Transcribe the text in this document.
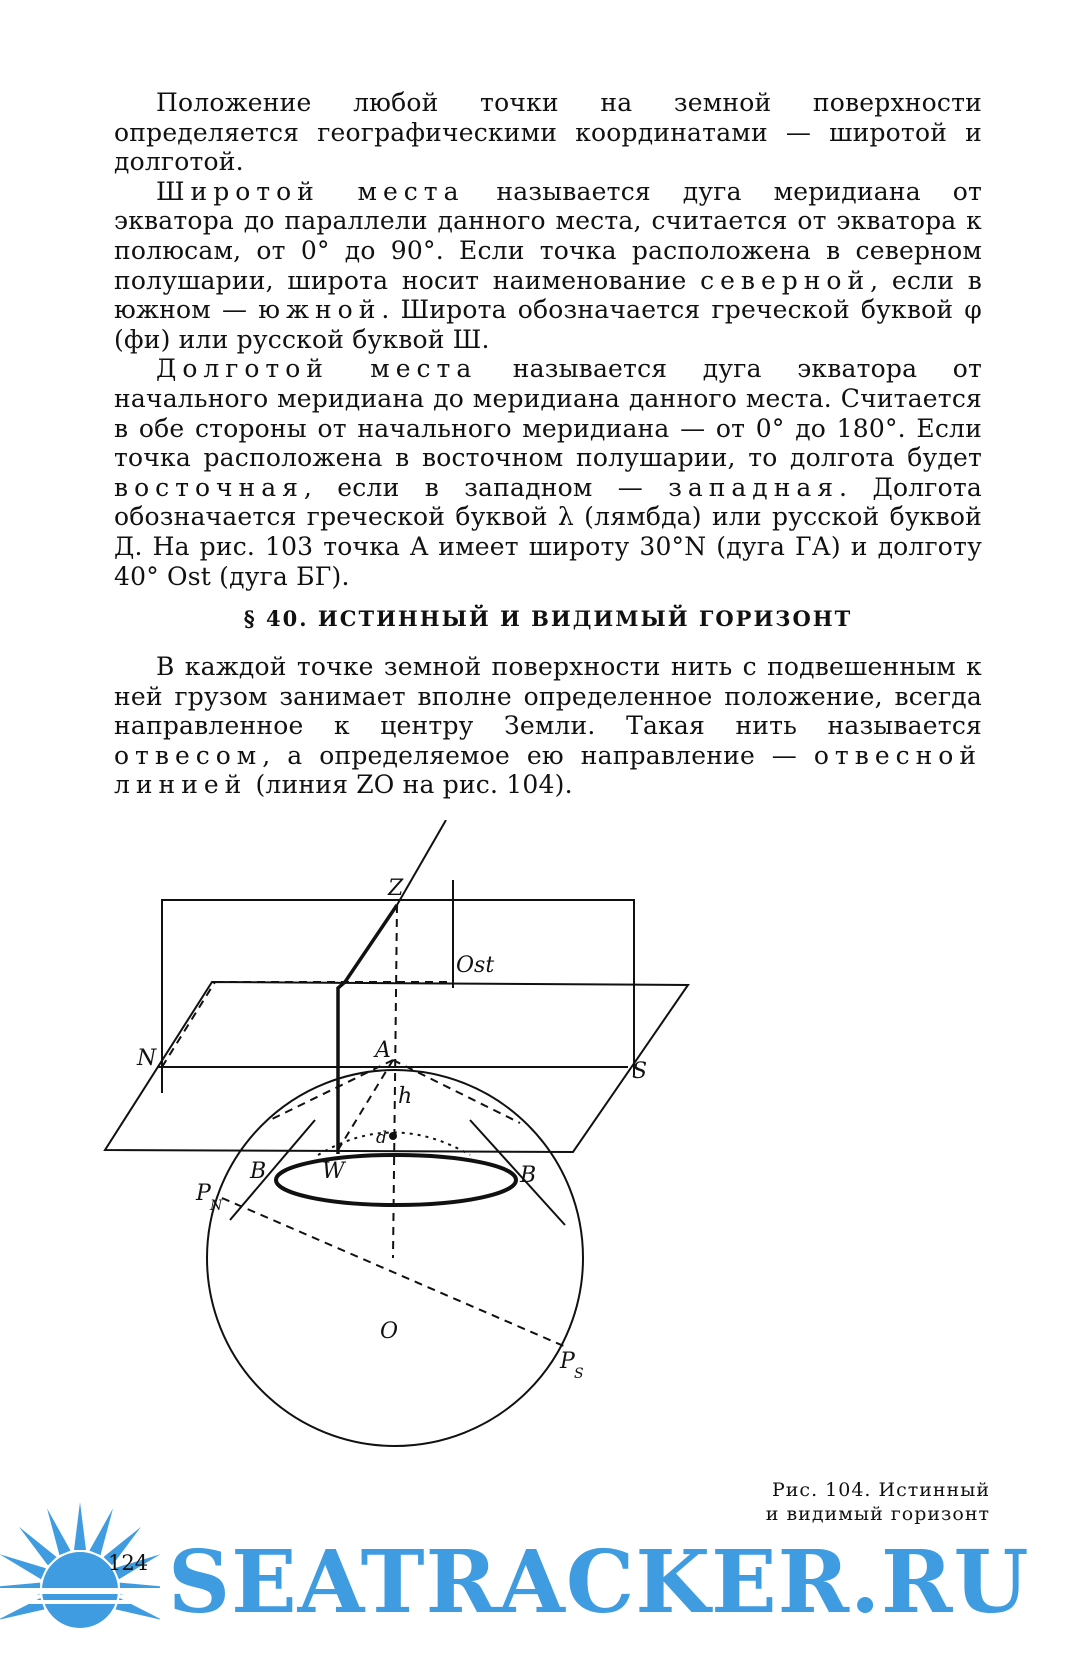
Положение любой точки на земной поверхности определяется географическими координатами — широтой и долготой.

Широтой места называется дуга меридиана от экватора до параллели данного места, считается от экватора к полюсам, от 0° до 90°. Если точка расположена в северном полушарии, широта носит наименование северной, если в южном — южной. Широта обозначается греческой буквой φ (фи) или русской буквой Ш.

Долготой места называется дуга экватора от начального меридиана до меридиана данного места. Считается в обе стороны от начального меридиана — от 0° до 180°. Если точка расположена в восточном полушарии, то долгота будет восточная, если в западном — западная. Долгота обозначается греческой буквой λ (лямбда) или русской буквой Д. На рис. 103 точка A имеет широту 30°N (дуга ГА) и долготу 40° Ost (дуга БГ).

§ 40. ИСТИННЫЙ И ВИДИМЫЙ ГОРИЗОНТ

В каждой точке земной поверхности нить с подвешенным к ней грузом занимает вполне определенное положение, всегда направленное к центру Земли. Такая нить называется отвесом, а определяемое ею направление — отвесной линией (линия ZO на рис. 104).

Z
Ost
N	A
S
h
d
W
B	B
P N
O
P S
Рис. 104. Истинный
и видимый горизонт
124 SEATRACKER.RU
